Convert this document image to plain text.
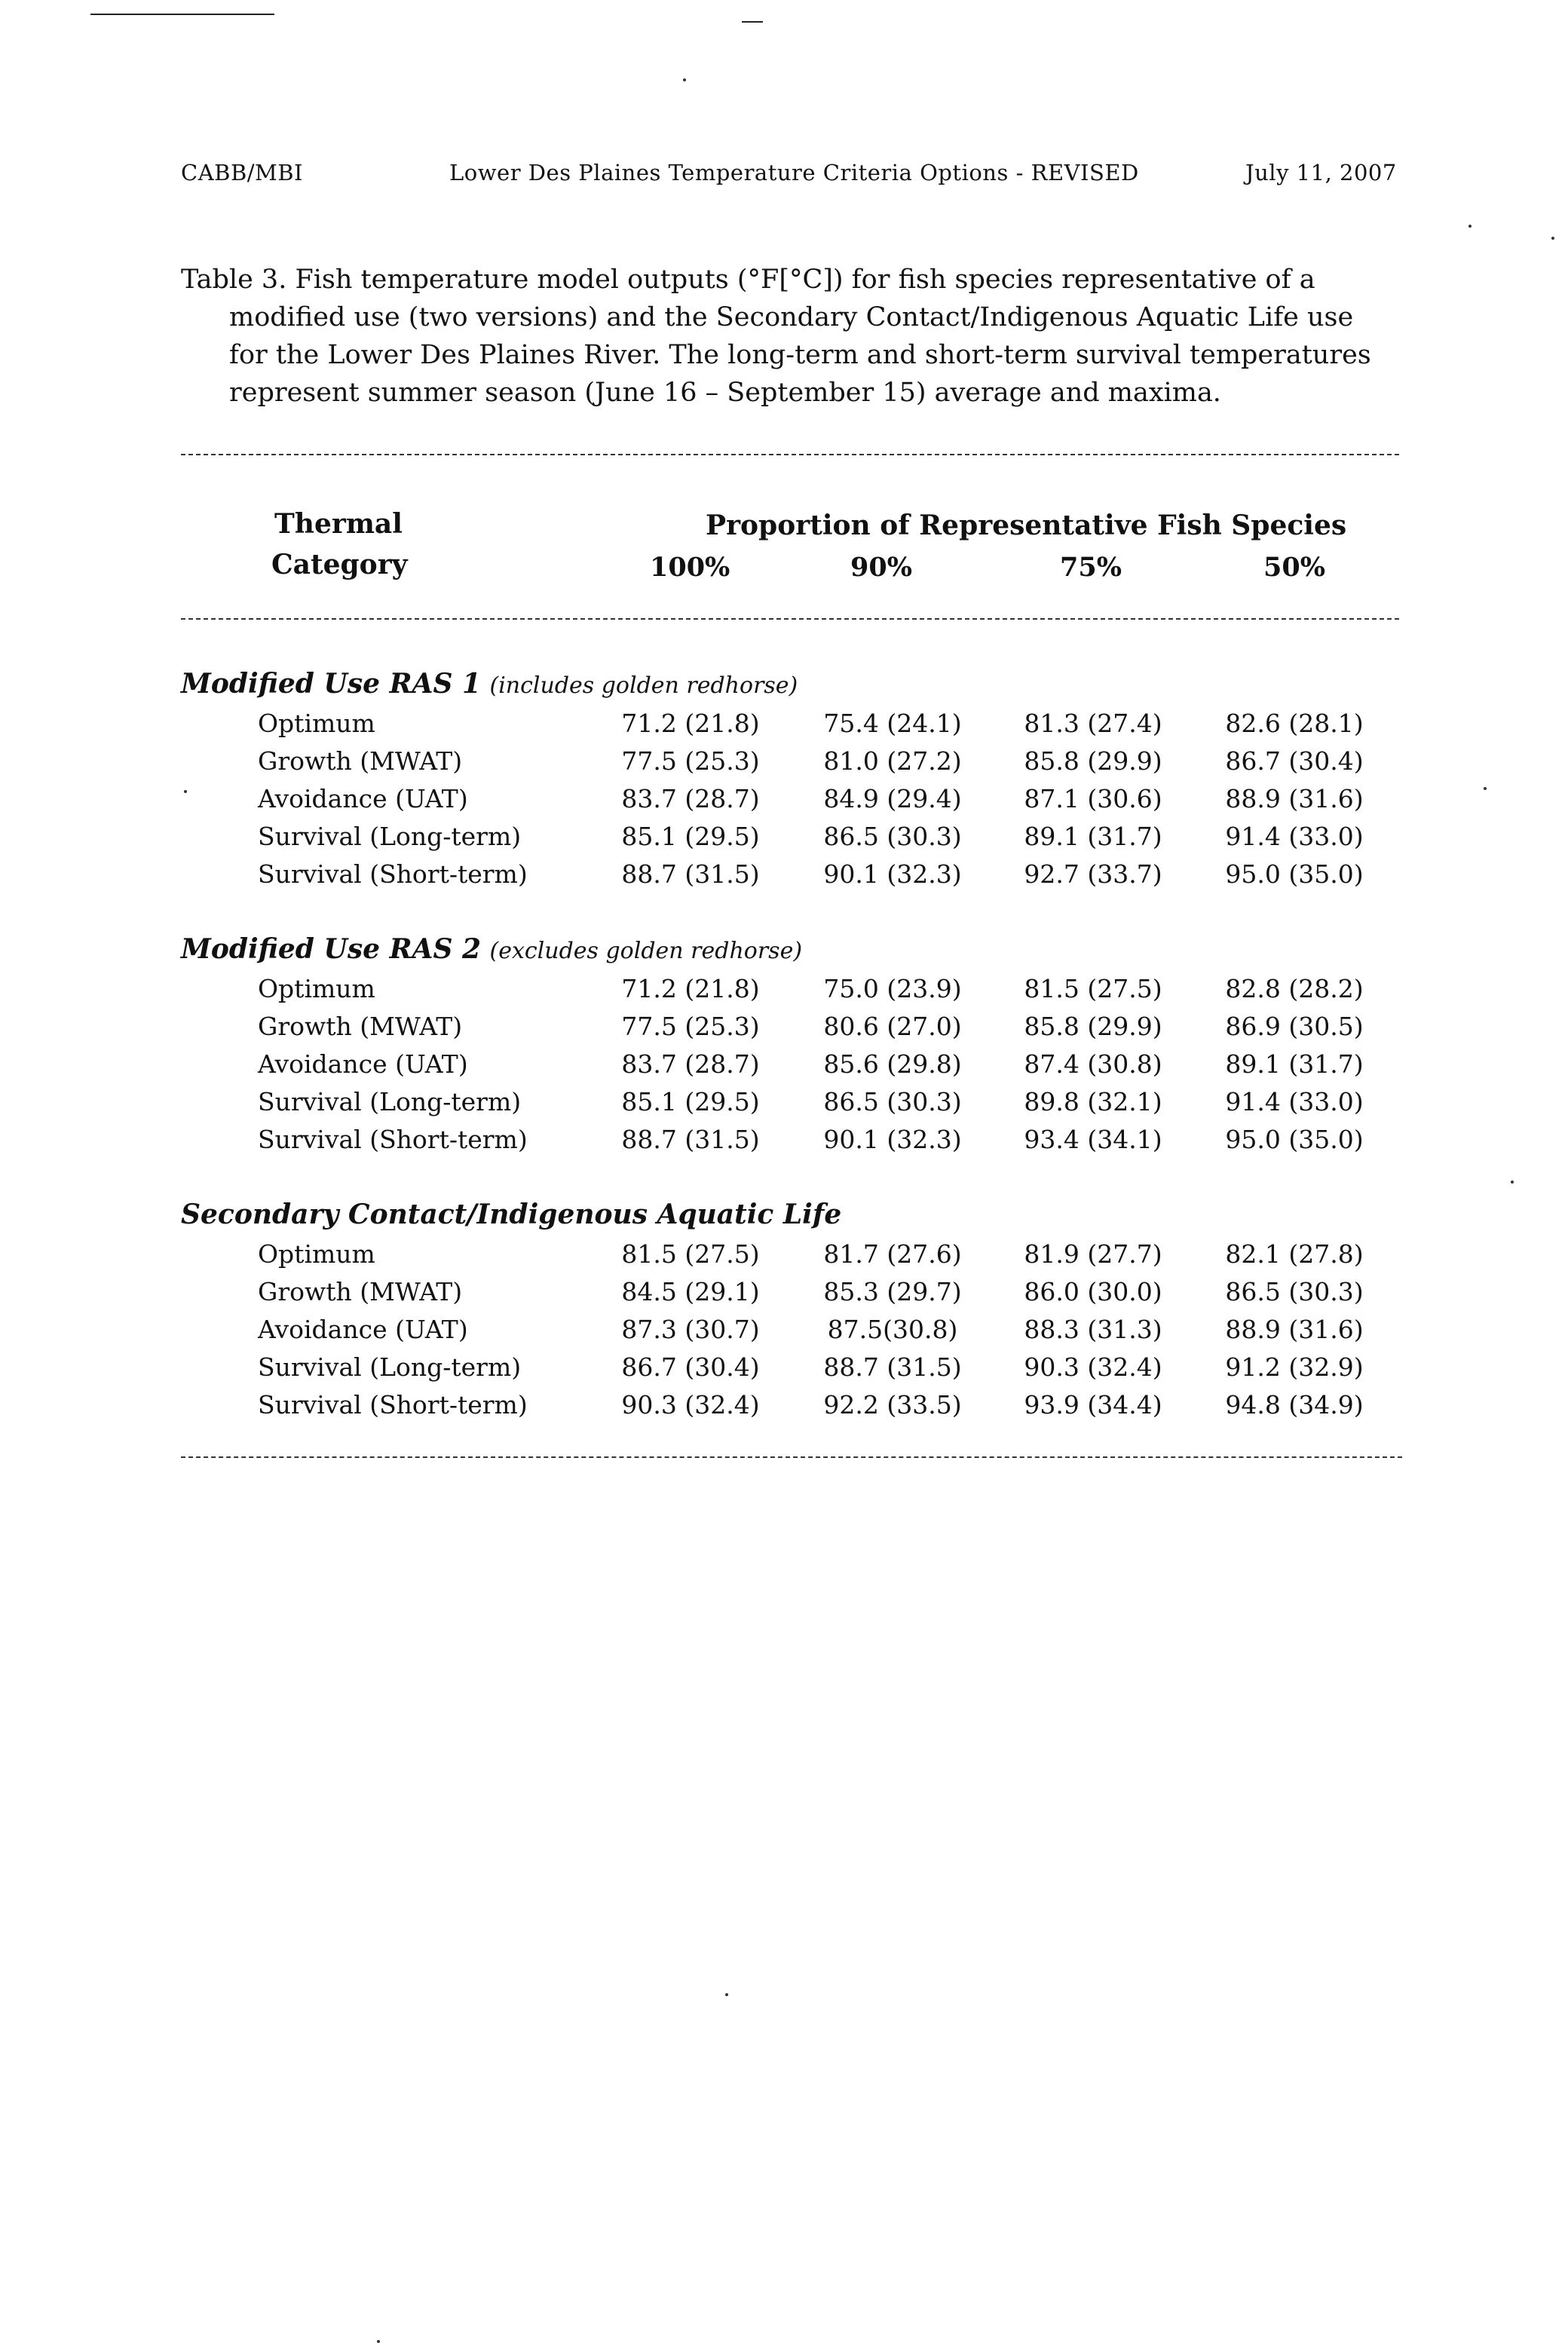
CABB/MBI	Lower Des Plaines Temperature Criteria Options - REVISED	July 11, 2007
Table 3. Fish temperature model outputs (°F[°C]) for fish species representative of a
modified use (two versions) and the Secondary Contact/Indigenous Aquatic Life use
for the Lower Des Plaines River. The long-term and short-term survival temperatures
represent summer season (June 16 – September 15) average and maxima.
Thermal
Category
Proportion of Representative Fish Species
100%	90%	75%	50%
Modified Use RAS 1 (includes golden redhorse)
Optimum	71.2 (21.8)	75.4 (24.1)	81.3 (27.4)	82.6 (28.1)
Growth (MWAT)	77.5 (25.3)	81.0 (27.2)	85.8 (29.9)	86.7 (30.4)
Avoidance (UAT)	83.7 (28.7)	84.9 (29.4)	87.1 (30.6)	88.9 (31.6)
Survival (Long-term)	85.1 (29.5)	86.5 (30.3)	89.1 (31.7)	91.4 (33.0)
Survival (Short-term)	88.7 (31.5)	90.1 (32.3)	92.7 (33.7)	95.0 (35.0)
Modified Use RAS 2 (excludes golden redhorse)
Optimum	71.2 (21.8)	75.0 (23.9)	81.5 (27.5)	82.8 (28.2)
Growth (MWAT)	77.5 (25.3)	80.6 (27.0)	85.8 (29.9)	86.9 (30.5)
Avoidance (UAT)	83.7 (28.7)	85.6 (29.8)	87.4 (30.8)	89.1 (31.7)
Survival (Long-term)	85.1 (29.5)	86.5 (30.3)	89.8 (32.1)	91.4 (33.0)
Survival (Short-term)	88.7 (31.5)	90.1 (32.3)	93.4 (34.1)	95.0 (35.0)
Secondary Contact/Indigenous Aquatic Life
Optimum	81.5 (27.5)	81.7 (27.6)	81.9 (27.7)	82.1 (27.8)
Growth (MWAT)	84.5 (29.1)	85.3 (29.7)	86.0 (30.0)	86.5 (30.3)
Avoidance (UAT)	87.3 (30.7)	87.5(30.8)	88.3 (31.3)	88.9 (31.6)
Survival (Long-term)	86.7 (30.4)	88.7 (31.5)	90.3 (32.4)	91.2 (32.9)
Survival (Short-term)	90.3 (32.4)	92.2 (33.5)	93.9 (34.4)	94.8 (34.9)
